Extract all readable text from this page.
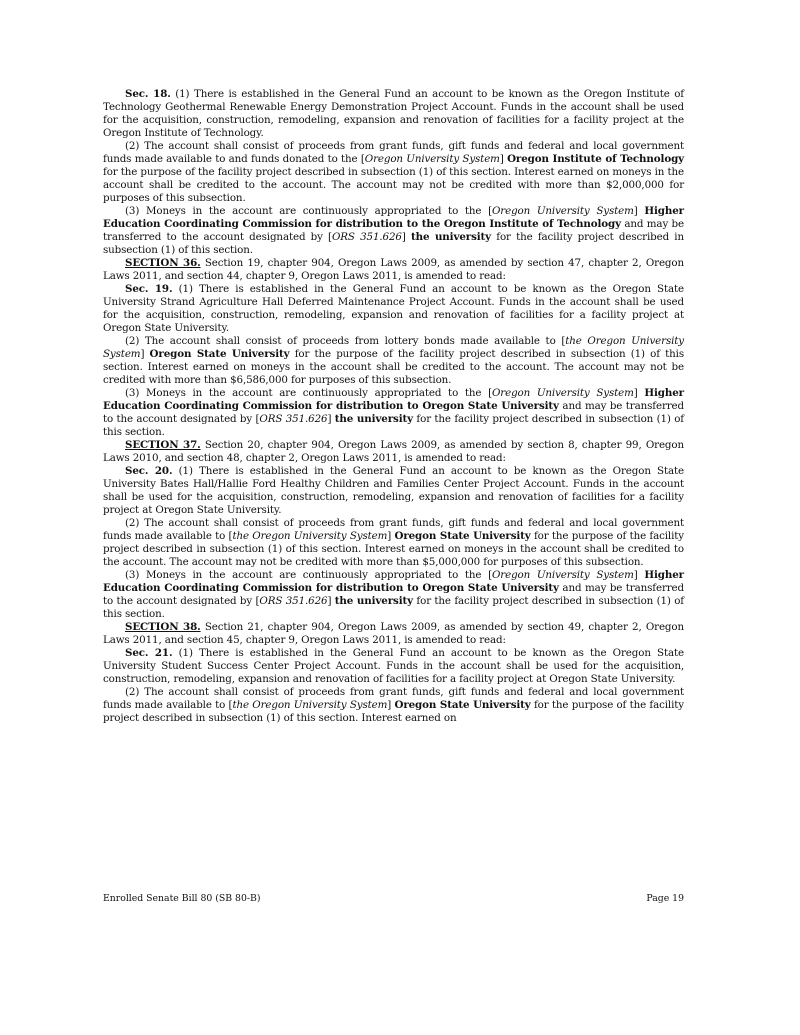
Sec. 18. (1) There is established in the General Fund an account to be known as the Oregon Institute of Technology Geothermal Renewable Energy Demonstration Project Account. Funds in the account shall be used for the acquisition, construction, remodeling, expansion and renovation of facilities for a facility project at the Oregon Institute of Technology.

(2) The account shall consist of proceeds from grant funds, gift funds and federal and local government funds made available to and funds donated to the [Oregon University System] Oregon Institute of Technology for the purpose of the facility project described in subsection (1) of this section. Interest earned on moneys in the account shall be credited to the account. The account may not be credited with more than $2,000,000 for purposes of this subsection.

(3) Moneys in the account are continuously appropriated to the [Oregon University System] Higher Education Coordinating Commission for distribution to the Oregon Institute of Technology and may be transferred to the account designated by [ORS 351.626] the university for the facility project described in subsection (1) of this section.

SECTION 36. Section 19, chapter 904, Oregon Laws 2009, as amended by section 47, chapter 2, Oregon Laws 2011, and section 44, chapter 9, Oregon Laws 2011, is amended to read:

Sec. 19. (1) There is established in the General Fund an account to be known as the Oregon State University Strand Agriculture Hall Deferred Maintenance Project Account. Funds in the account shall be used for the acquisition, construction, remodeling, expansion and renovation of facilities for a facility project at Oregon State University.

(2) The account shall consist of proceeds from lottery bonds made available to [the Oregon University System] Oregon State University for the purpose of the facility project described in subsection (1) of this section. Interest earned on moneys in the account shall be credited to the account. The account may not be credited with more than $6,586,000 for purposes of this subsection.

(3) Moneys in the account are continuously appropriated to the [Oregon University System] Higher Education Coordinating Commission for distribution to Oregon State University and may be transferred to the account designated by [ORS 351.626] the university for the facility project described in subsection (1) of this section.

SECTION 37. Section 20, chapter 904, Oregon Laws 2009, as amended by section 8, chapter 99, Oregon Laws 2010, and section 48, chapter 2, Oregon Laws 2011, is amended to read:

Sec. 20. (1) There is established in the General Fund an account to be known as the Oregon State University Bates Hall/Hallie Ford Healthy Children and Families Center Project Account. Funds in the account shall be used for the acquisition, construction, remodeling, expansion and renovation of facilities for a facility project at Oregon State University.

(2) The account shall consist of proceeds from grant funds, gift funds and federal and local government funds made available to [the Oregon University System] Oregon State University for the purpose of the facility project described in subsection (1) of this section. Interest earned on moneys in the account shall be credited to the account. The account may not be credited with more than $5,000,000 for purposes of this subsection.

(3) Moneys in the account are continuously appropriated to the [Oregon University System] Higher Education Coordinating Commission for distribution to Oregon State University and may be transferred to the account designated by [ORS 351.626] the university for the facility project described in subsection (1) of this section.

SECTION 38. Section 21, chapter 904, Oregon Laws 2009, as amended by section 49, chapter 2, Oregon Laws 2011, and section 45, chapter 9, Oregon Laws 2011, is amended to read:

Sec. 21. (1) There is established in the General Fund an account to be known as the Oregon State University Student Success Center Project Account. Funds in the account shall be used for the acquisition, construction, remodeling, expansion and renovation of facilities for a facility project at Oregon State University.

(2) The account shall consist of proceeds from grant funds, gift funds and federal and local government funds made available to [the Oregon University System] Oregon State University for the purpose of the facility project described in subsection (1) of this section. Interest earned on

Enrolled Senate Bill 80 (SB 80-B)	Page 19
